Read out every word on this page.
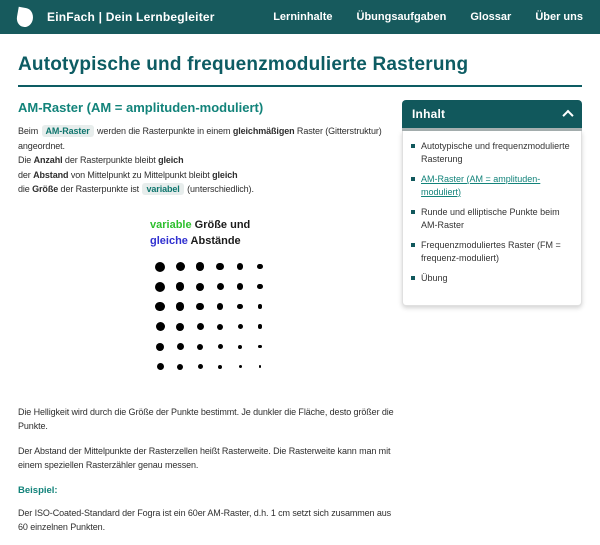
EinFach | Dein Lernbegleiter	Lerninhalte Übungsaufgaben Glossar Über uns
Autotypische und frequenzmodulierte Rasterung
AM-Raster (AM = amplituden-moduliert)

Beim AM-Raster werden die Rasterpunkte in einem gleichmäßigen Raster (Gitterstruktur) angeordnet.

Die Anzahl der Rasterpunkte bleibt gleich

der Abstand von Mittelpunkt zu Mittelpunkt bleibt gleich

die Größe der Rasterpunkte ist variabel (unterschiedlich).

variable Größe und
gleiche Abstände

Die Helligkeit wird durch die Größe der Punkte bestimmt. Je dunkler die Fläche, desto größer die Punkte.

Der Abstand der Mittelpunkte der Rasterzellen heißt Rasterweite. Die Rasterweite kann man mit einem speziellen Rasterzähler genau messen.

Beispiel:

Der ISO-Coated-Standard der Fogra ist ein 60er AM-Raster, d.h. 1 cm setzt sich zusammen aus 60 einzelnen Punkten.

Inhalt
Autotypische und frequenzmodulierte Rasterung
AM-Raster (AM = amplituden-moduliert)
Runde und elliptische Punkte beim AM-Raster
Frequenzmoduliertes Raster (FM = frequenz-moduliert)
Übung
